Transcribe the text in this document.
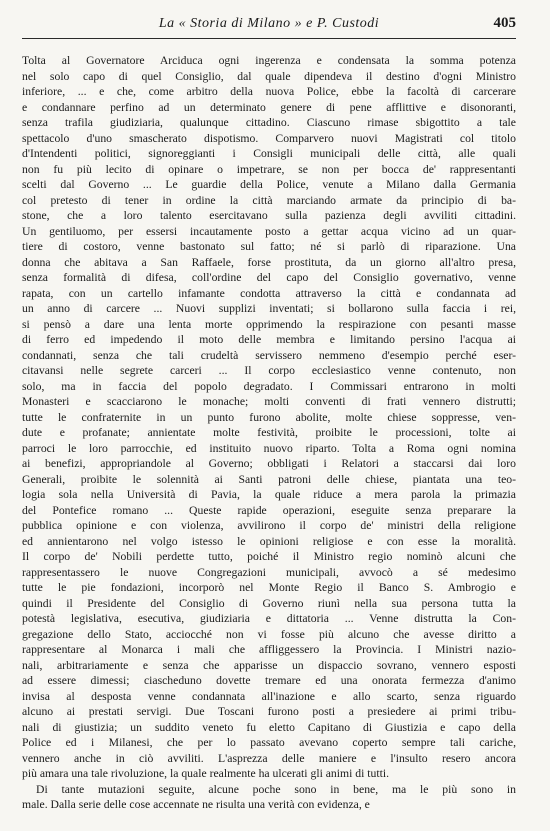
La « Storia di Milano » e P. Custodi	405

Tolta al Governatore Arciduca ogni ingerenza e condensata la somma potenza
nel solo capo di quel Consiglio, dal quale dipendeva il destino d'ogni Ministro
inferiore, ... e che, come arbitro della nuova Police, ebbe la facoltà di carcerare
e condannare perfino ad un determinato genere di pene afflittive e disonoranti,
senza trafila giudiziaria, qualunque cittadino. Ciascuno rimase sbigottito a tale
spettacolo d'uno smascherato dispotismo. Comparvero nuovi Magistrati col titolo
d'Intendenti politici, signoreggianti i Consigli municipali delle città, alle quali
non fu più lecito di opinare o impetrare, se non per bocca de' rappresentanti
scelti dal Governo ... Le guardie della Police, venute a Milano dalla Germania
col pretesto di tener in ordine la città marciando armate da principio di ba-
stone, che a loro talento esercitavano sulla pazienza degli avviliti cittadini.
Un gentiluomo, per essersi incautamente posto a gettar acqua vicino ad un quar-
tiere di costoro, venne bastonato sul fatto; né si parlò di riparazione. Una
donna che abitava a San Raffaele, forse prostituta, da un giorno all'altro presa,
senza formalità di difesa, coll'ordine del capo del Consiglio governativo, venne
rapata, con un cartello infamante condotta attraverso la città e condannata ad
un anno di carcere ... Nuovi supplizi inventati; si bollarono sulla faccia i rei,
si pensò a dare una lenta morte opprimendo la respirazione con pesanti masse
di ferro ed impedendo il moto delle membra e limitando persino l'acqua ai
condannati, senza che tali crudeltà servissero nemmeno d'esempio perché eser-
citavansi nelle segrete carceri ... Il corpo ecclesiastico venne contenuto, non
solo, ma in faccia del popolo degradato. I Commissari entrarono in molti
Monasteri e scacciarono le monache; molti conventi di frati vennero distrutti;
tutte le confraternite in un punto furono abolite, molte chiese soppresse, ven-
dute e profanate; annientate molte festività, proibite le processioni, tolte ai
parroci le loro parrocchie, ed instituito nuovo riparto. Tolta a Roma ogni nomina
ai benefizi, appropriandole al Governo; obbligati i Relatori a staccarsi dai loro
Generali, proibite le solennità ai Santi patroni delle chiese, piantata una teo-
logia sola nella Università di Pavia, la quale riduce a mera parola la primazia
del Pontefice romano ... Queste rapide operazioni, eseguite senza preparare la
pubblica opinione e con violenza, avvilirono il corpo de' ministri della religione
ed annientarono nel volgo istesso le opinioni religiose e con esse la moralità.
Il corpo de' Nobili perdette tutto, poiché il Ministro regio nominò alcuni che
rappresentassero le nuove Congregazioni municipali, avvocò a sé medesimo
tutte le pie fondazioni, incorporò nel Monte Regio il Banco S. Ambrogio e
quindi il Presidente del Consiglio di Governo riunì nella sua persona tutta la
potestà legislativa, esecutiva, giudiziaria e dittatoria ... Venne distrutta la Con-
gregazione dello Stato, acciocché non vi fosse più alcuno che avesse diritto a
rappresentare al Monarca i mali che affliggessero la Provincia. I Ministri nazio-
nali, arbitrariamente e senza che apparisse un dispaccio sovrano, vennero esposti
ad essere dimessi; ciascheduno dovette tremare ed una onorata fermezza d'animo
invisa al desposta venne condannata all'inazione e allo scarto, senza riguardo
alcuno ai prestati servigi. Due Toscani furono posti a presiedere ai primi tribu-
nali di giustizia; un suddito veneto fu eletto Capitano di Giustizia e capo della
Police ed i Milanesi, che per lo passato avevano coperto sempre tali cariche,
vennero anche in ciò avviliti. L'asprezza delle maniere e l'insulto resero ancora
più amara una tale rivoluzione, la quale realmente ha ulcerati gli animi di tutti.

Di tante mutazioni seguite, alcune poche sono in bene, ma le più sono in
male. Dalla serie delle cose accennate ne risulta una verità con evidenza, e
